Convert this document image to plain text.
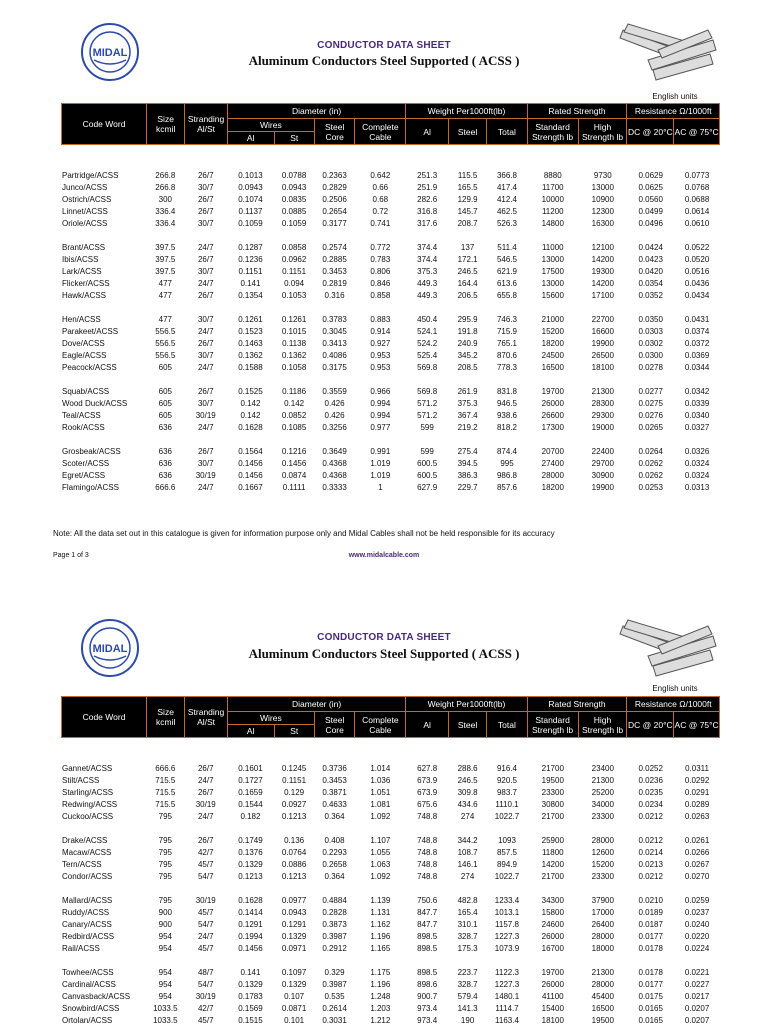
MIDAL
CONDUCTOR DATA SHEET
Aluminum Conductors Steel Supported ( ACSS )
English units
Code Word	Size kcmil	Stranding Al/St	Diameter (in)				Weight Per1000ft(lb)			Rated Strength		Resistance Ω/1000ft	
			Wires		Steel Core	Complete Cable	Al	Steel	Total	Standard Strength lb	High Strength lb	DC @ 20°C	AC @ 75°C
			Al	St									
Partridge/ACSS	266.8	26/7	0.1013	0.0788	0.2363	0.642	251.3	115.5	366.8	8880	9730	0.0629	0.0773
Junco/ACSS	266.8	30/7	0.0943	0.0943	0.2829	0.66	251.9	165.5	417.4	11700	13000	0.0625	0.0768
Ostrich/ACSS	300	26/7	0.1074	0.0835	0.2506	0.68	282.6	129.9	412.4	10000	10900	0.0560	0.0688
Linnet/ACSS	336.4	26/7	0.1137	0.0885	0.2654	0.72	316.8	145.7	462.5	11200	12300	0.0499	0.0614
Oriole/ACSS	336.4	30/7	0.1059	0.1059	0.3177	0.741	317.6	208.7	526.3	14800	16300	0.0496	0.0610

Brant/ACSS	397.5	24/7	0.1287	0.0858	0.2574	0.772	374.4	137	511.4	11000	12100	0.0424	0.0522
Ibis/ACSS	397.5	26/7	0.1236	0.0962	0.2885	0.783	374.4	172.1	546.5	13000	14200	0.0423	0.0520
Lark/ACSS	397.5	30/7	0.1151	0.1151	0.3453	0.806	375.3	246.5	621.9	17500	19300	0.0420	0.0516
Flicker/ACSS	477	24/7	0.141	0.094	0.2819	0.846	449.3	164.4	613.6	13000	14200	0.0354	0.0436
Hawk/ACSS	477	26/7	0.1354	0.1053	0.316	0.858	449.3	206.5	655.8	15600	17100	0.0352	0.0434

Hen/ACSS	477	30/7	0.1261	0.1261	0.3783	0.883	450.4	295.9	746.3	21000	22700	0.0350	0.0431
Parakeet/ACSS	556.5	24/7	0.1523	0.1015	0.3045	0.914	524.1	191.8	715.9	15200	16600	0.0303	0.0374
Dove/ACSS	556.5	26/7	0.1463	0.1138	0.3413	0.927	524.2	240.9	765.1	18200	19900	0.0302	0.0372
Eagle/ACSS	556.5	30/7	0.1362	0.1362	0.4086	0.953	525.4	345.2	870.6	24500	26500	0.0300	0.0369
Peacock/ACSS	605	24/7	0.1588	0.1058	0.3175	0.953	569.8	208.5	778.3	16500	18100	0.0278	0.0344

Squab/ACSS	605	26/7	0.1525	0.1186	0.3559	0.966	569.8	261.9	831.8	19700	21300	0.0277	0.0342
Wood Duck/ACSS	605	30/7	0.142	0.142	0.426	0.994	571.2	375.3	946.5	26000	28300	0.0275	0.0339
Teal/ACSS	605	30/19	0.142	0.0852	0.426	0.994	571.2	367.4	938.6	26600	29300	0.0276	0.0340
Rook/ACSS	636	24/7	0.1628	0.1085	0.3256	0.977	599	219.2	818.2	17300	19000	0.0265	0.0327

Grosbeak/ACSS	636	26/7	0.1564	0.1216	0.3649	0.991	599	275.4	874.4	20700	22400	0.0264	0.0326
Scoter/ACSS	636	30/7	0.1456	0.1456	0.4368	1.019	600.5	394.5	995	27400	29700	0.0262	0.0324
Egret/ACSS	636	30/19	0.1456	0.0874	0.4368	1.019	600.5	386.3	986.8	28000	30900	0.0262	0.0324
Flamingo/ACSS	666.6	24/7	0.1667	0.1111	0.3333	1	627.9	229.7	857.6	18200	19900	0.0253	0.0313
Note: All the data set out in this catalogue is given for information purpose only and Midal Cables shall not be held responsible for its accuracy
Page 1 of 3	www.midalcable.com
MIDAL
CONDUCTOR DATA SHEET
Aluminum Conductors Steel Supported ( ACSS )
English units
Code Word	Size kcmil	Stranding Al/St	Diameter (in)				Weight Per1000ft(lb)			Rated Strength		Resistance Ω/1000ft	
			Wires		Steel Core	Complete Cable	Al	Steel	Total	Standard Strength lb	High Strength lb	DC @ 20°C	AC @ 75°C
			Al	St									
Gannet/ACSS	666.6	26/7	0.1601	0.1245	0.3736	1.014	627.8	288.6	916.4	21700	23400	0.0252	0.0311
Stilt/ACSS	715.5	24/7	0.1727	0.1151	0.3453	1.036	673.9	246.5	920.5	19500	21300	0.0236	0.0292
Starling/ACSS	715.5	26/7	0.1659	0.129	0.3871	1.051	673.9	309.8	983.7	23300	25200	0.0235	0.0291
Redwing/ACSS	715.5	30/19	0.1544	0.0927	0.4633	1.081	675.6	434.6	1110.1	30800	34000	0.0234	0.0289
Cuckoo/ACSS	795	24/7	0.182	0.1213	0.364	1.092	748.8	274	1022.7	21700	23300	0.0212	0.0263

Drake/ACSS	795	26/7	0.1749	0.136	0.408	1.107	748.8	344.2	1093	25900	28000	0.0212	0.0261
Macaw/ACSS	795	42/7	0.1376	0.0764	0.2293	1.055	748.8	108.7	857.5	11800	12600	0.0214	0.0266
Tern/ACSS	795	45/7	0.1329	0.0886	0.2658	1.063	748.8	146.1	894.9	14200	15200	0.0213	0.0267
Condor/ACSS	795	54/7	0.1213	0.1213	0.364	1.092	748.8	274	1022.7	21700	23300	0.0212	0.0270

Mallard/ACSS	795	30/19	0.1628	0.0977	0.4884	1.139	750.6	482.8	1233.4	34300	37900	0.0210	0.0259
Ruddy/ACSS	900	45/7	0.1414	0.0943	0.2828	1.131	847.7	165.4	1013.1	15800	17000	0.0189	0.0237
Canary/ACSS	900	54/7	0.1291	0.1291	0.3873	1.162	847.7	310.1	1157.8	24600	26400	0.0187	0.0240
Redbird/ACSS	954	24/7	0.1994	0.1329	0.3987	1.196	898.5	328.7	1227.3	26000	28000	0.0177	0.0220
Rail/ACSS	954	45/7	0.1456	0.0971	0.2912	1.165	898.5	175.3	1073.9	16700	18000	0.0178	0.0224

Towhee/ACSS	954	48/7	0.141	0.1097	0.329	1.175	898.5	223.7	1122.3	19700	21300	0.0178	0.0221
Cardinal/ACSS	954	54/7	0.1329	0.1329	0.3987	1.196	898.6	328.7	1227.3	26000	28000	0.0177	0.0227
Canvasback/ACSS	954	30/19	0.1783	0.107	0.535	1.248	900.7	579.4	1480.1	41100	45400	0.0175	0.0217
Snowbird/ACSS	1033.5	42/7	0.1569	0.0871	0.2614	1.203	973.4	141.3	1114.7	15400	16500	0.0165	0.0207
Ortolan/ACSS	1033.5	45/7	0.1515	0.101	0.3031	1.212	973.4	190	1163.4	18100	19500	0.0165	0.0207
